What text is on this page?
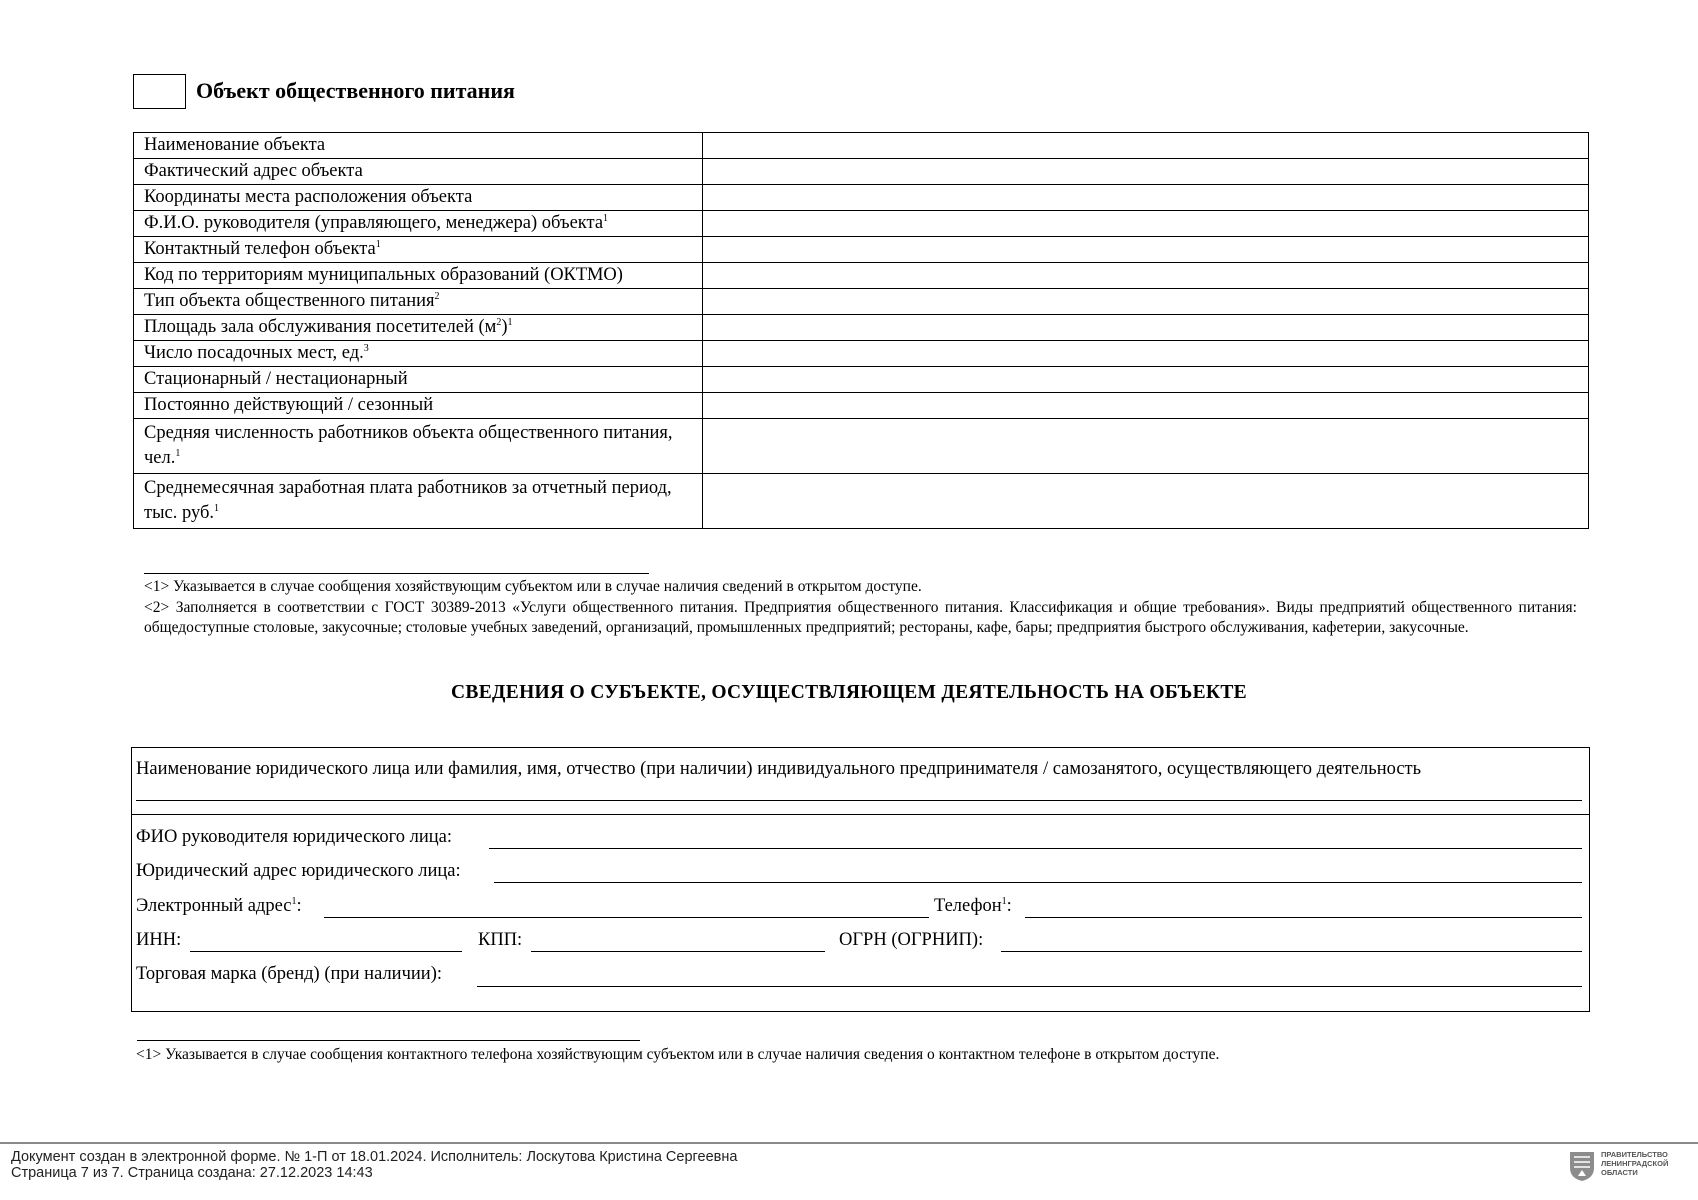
Объект общественного питания
Наименование объекта	
Фактический адрес объекта	
Координаты места расположения объекта	
Ф.И.О. руководителя (управляющего, менеджера) объекта$^1$	
Контактный телефон объекта$^1$	
Код по территориям муниципальных образований (ОКТМО)	
Тип объекта общественного питания$^2$	
Площадь зала обслуживания посетителей $(м^2)^1$	
Число посадочных мест, ед.$^3$	
Стационарный / нестационарный	
Постоянно действующий / сезонный	
Средняя численность работников объекта общественного питания, чел.$^1$	
Среднемесячная заработная плата работников за отчетный период, тыс. руб.$^1$	

<1> Указывается в случае сообщения хозяйствующим субъектом или в случае наличия сведений в открытом доступе.

<2> Заполняется в соответствии с ГОСТ 30389-2013 «Услуги общественного питания. Предприятия общественного питания. Классификация и общие требования». Виды предприятий общественного питания: общедоступные столовые, закусочные; столовые учебных заведений, организаций, промышленных предприятий; рестораны, кафе, бары; предприятия быстрого обслуживания, кафетерии, закусочные.

СВЕДЕНИЯ О СУБЪЕКТЕ, ОСУЩЕСТВЛЯЮЩЕМ ДЕЯТЕЛЬНОСТЬ НА ОБЪЕКТЕ
Наименование юридического лица или фамилия, имя, отчество (при наличии) индивидуального предпринимателя / самозанятого, осуществляющего деятельность
ФИО руководителя юридического лица:
Юридический адрес юридического лица:
Электронный адрес$^1$:	Телефон$^1$:
ИНН:	КПП:	ОГРН (ОГРНИП):
Торговая марка (бренд) (при наличии):
<1> Указывается в случае сообщения контактного телефона хозяйствующим субъектом или в случае наличия сведения о контактном телефоне в открытом доступе.
Документ создан в электронной форме. № 1-П от 18.01.2024. Исполнитель: Лоскутова Кристина Сергеевна
Страница 7 из 7. Страница создана: 27.12.2023 14:43
ПРАВИТЕЛЬСТВО
ЛЕНИНГРАДСКОЙ
ОБЛАСТИ
